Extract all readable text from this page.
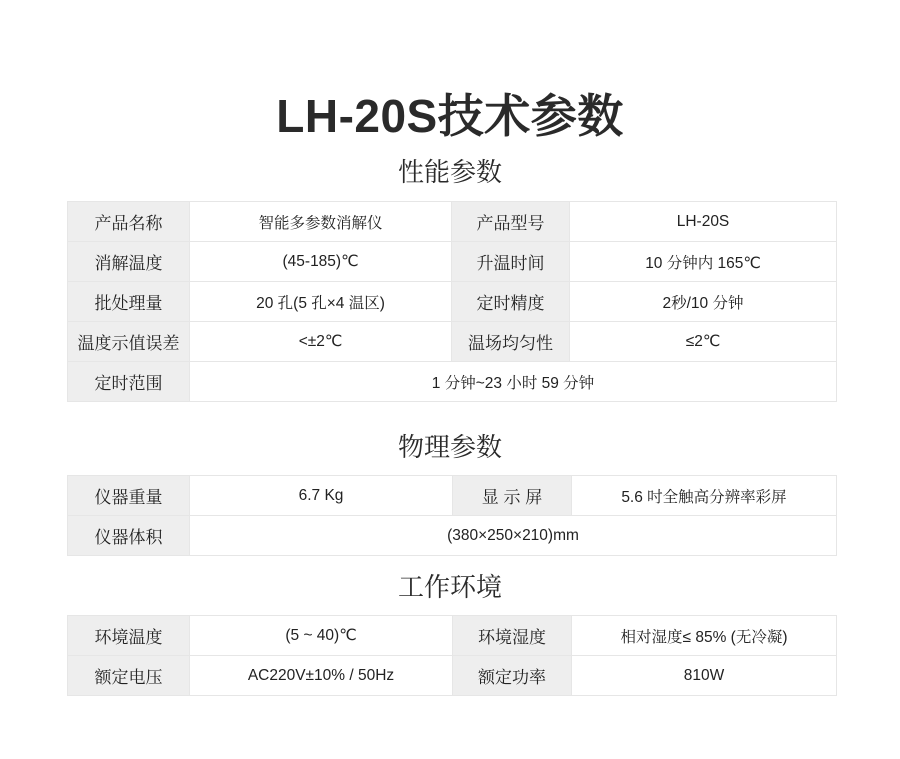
LH-20S技术参数
性能参数
产品名称	智能多参数消解仪	产品型号	LH-20S
消解温度	(45-185)℃	升温时间	10 分钟内 165℃
批处理量	20 孔(5 孔×4 温区)	定时精度	2秒/10 分钟
温度示值误差	<±2℃	温场均匀性	≤2℃
定时范围	1 分钟~23 小时 59 分钟		
物理参数
仪器重量	6.7 Kg	显 示 屏	5.6 吋全触高分辨率彩屏
仪器体积	(380×250×210)mm		
工作环境
环境温度	(5 ~ 40)℃	环境湿度	相对湿度≤ 85% (无冷凝)
额定电压	AC220V±10% / 50Hz	额定功率	810W
